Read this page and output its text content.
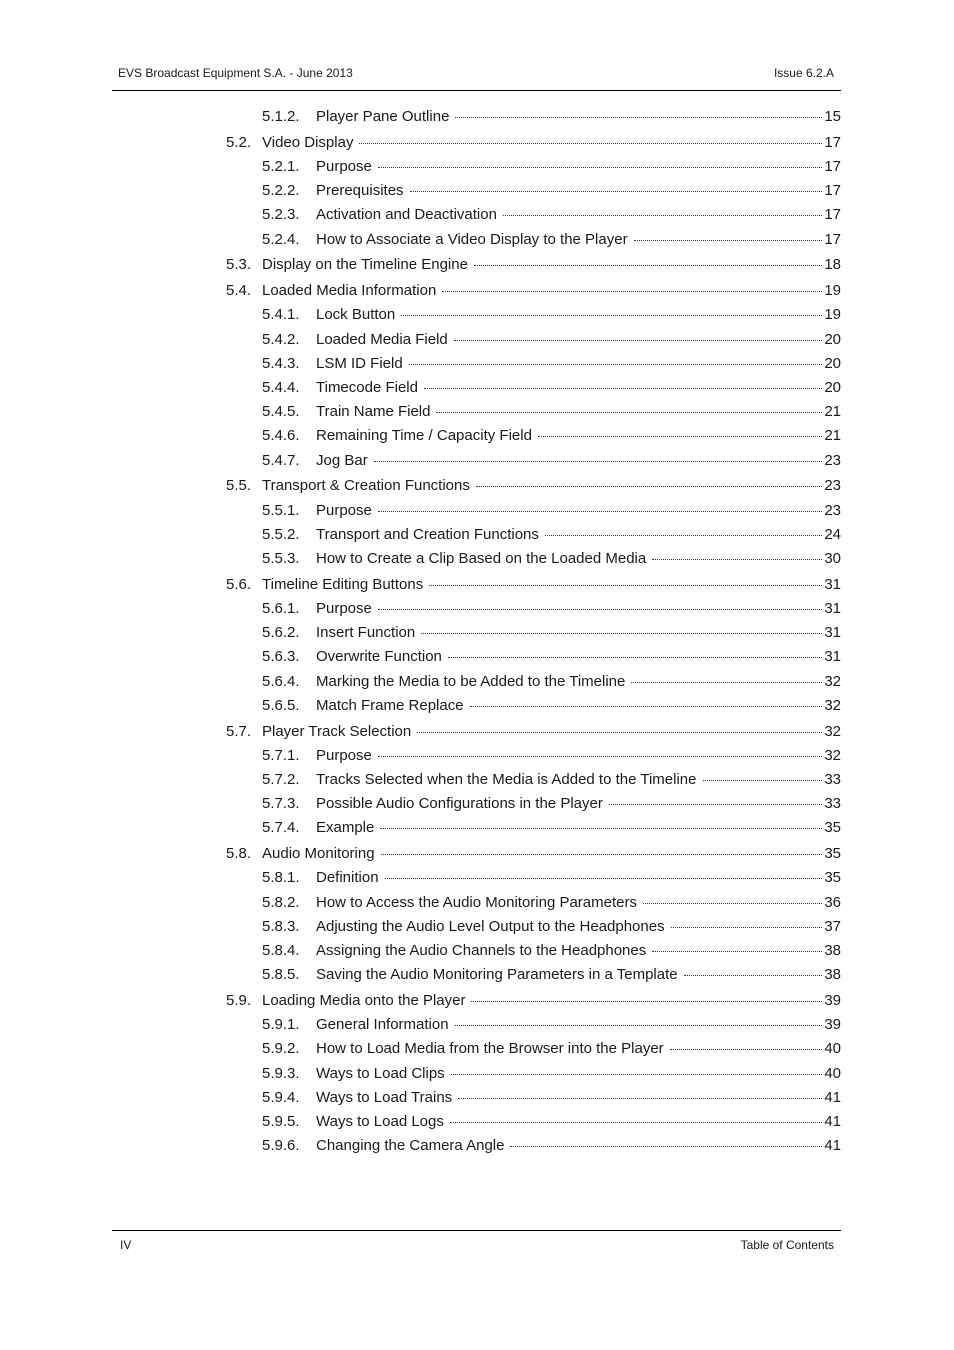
EVS Broadcast Equipment S.A. - June 2013	Issue 6.2.A
5.1.2.	Player Pane Outline	15
5.2. Video Display	17
5.2.1.	Purpose	17
5.2.2.	Prerequisites	17
5.2.3.	Activation and Deactivation	17
5.2.4.	How to Associate a Video Display to the Player	17
5.3. Display on the Timeline Engine	18
5.4. Loaded Media Information	19
5.4.1.	Lock Button	19
5.4.2.	Loaded Media Field	20
5.4.3.	LSM ID Field	20
5.4.4.	Timecode Field	20
5.4.5.	Train Name Field	21
5.4.6.	Remaining Time / Capacity Field	21
5.4.7.	Jog Bar	23
5.5. Transport & Creation Functions	23
5.5.1.	Purpose	23
5.5.2.	Transport and Creation Functions	24
5.5.3.	How to Create a Clip Based on the Loaded Media	30
5.6. Timeline Editing Buttons	31
5.6.1.	Purpose	31
5.6.2.	Insert Function	31
5.6.3.	Overwrite Function	31
5.6.4.	Marking the Media to be Added to the Timeline	32
5.6.5.	Match Frame Replace	32
5.7. Player Track Selection	32
5.7.1.	Purpose	32
5.7.2.	Tracks Selected when the Media is Added to the Timeline	33
5.7.3.	Possible Audio Configurations in the Player	33
5.7.4.	Example	35
5.8. Audio Monitoring	35
5.8.1.	Definition	35
5.8.2.	How to Access the Audio Monitoring Parameters	36
5.8.3.	Adjusting the Audio Level Output to the Headphones	37
5.8.4.	Assigning the Audio Channels to the Headphones	38
5.8.5.	Saving the Audio Monitoring Parameters in a Template	38
5.9. Loading Media onto the Player	39
5.9.1.	General Information	39
5.9.2.	How to Load Media from the Browser into the Player	40
5.9.3.	Ways to Load Clips	40
5.9.4.	Ways to Load Trains	41
5.9.5.	Ways to Load Logs	41
5.9.6.	Changing the Camera Angle	41
IV	Table of Contents
